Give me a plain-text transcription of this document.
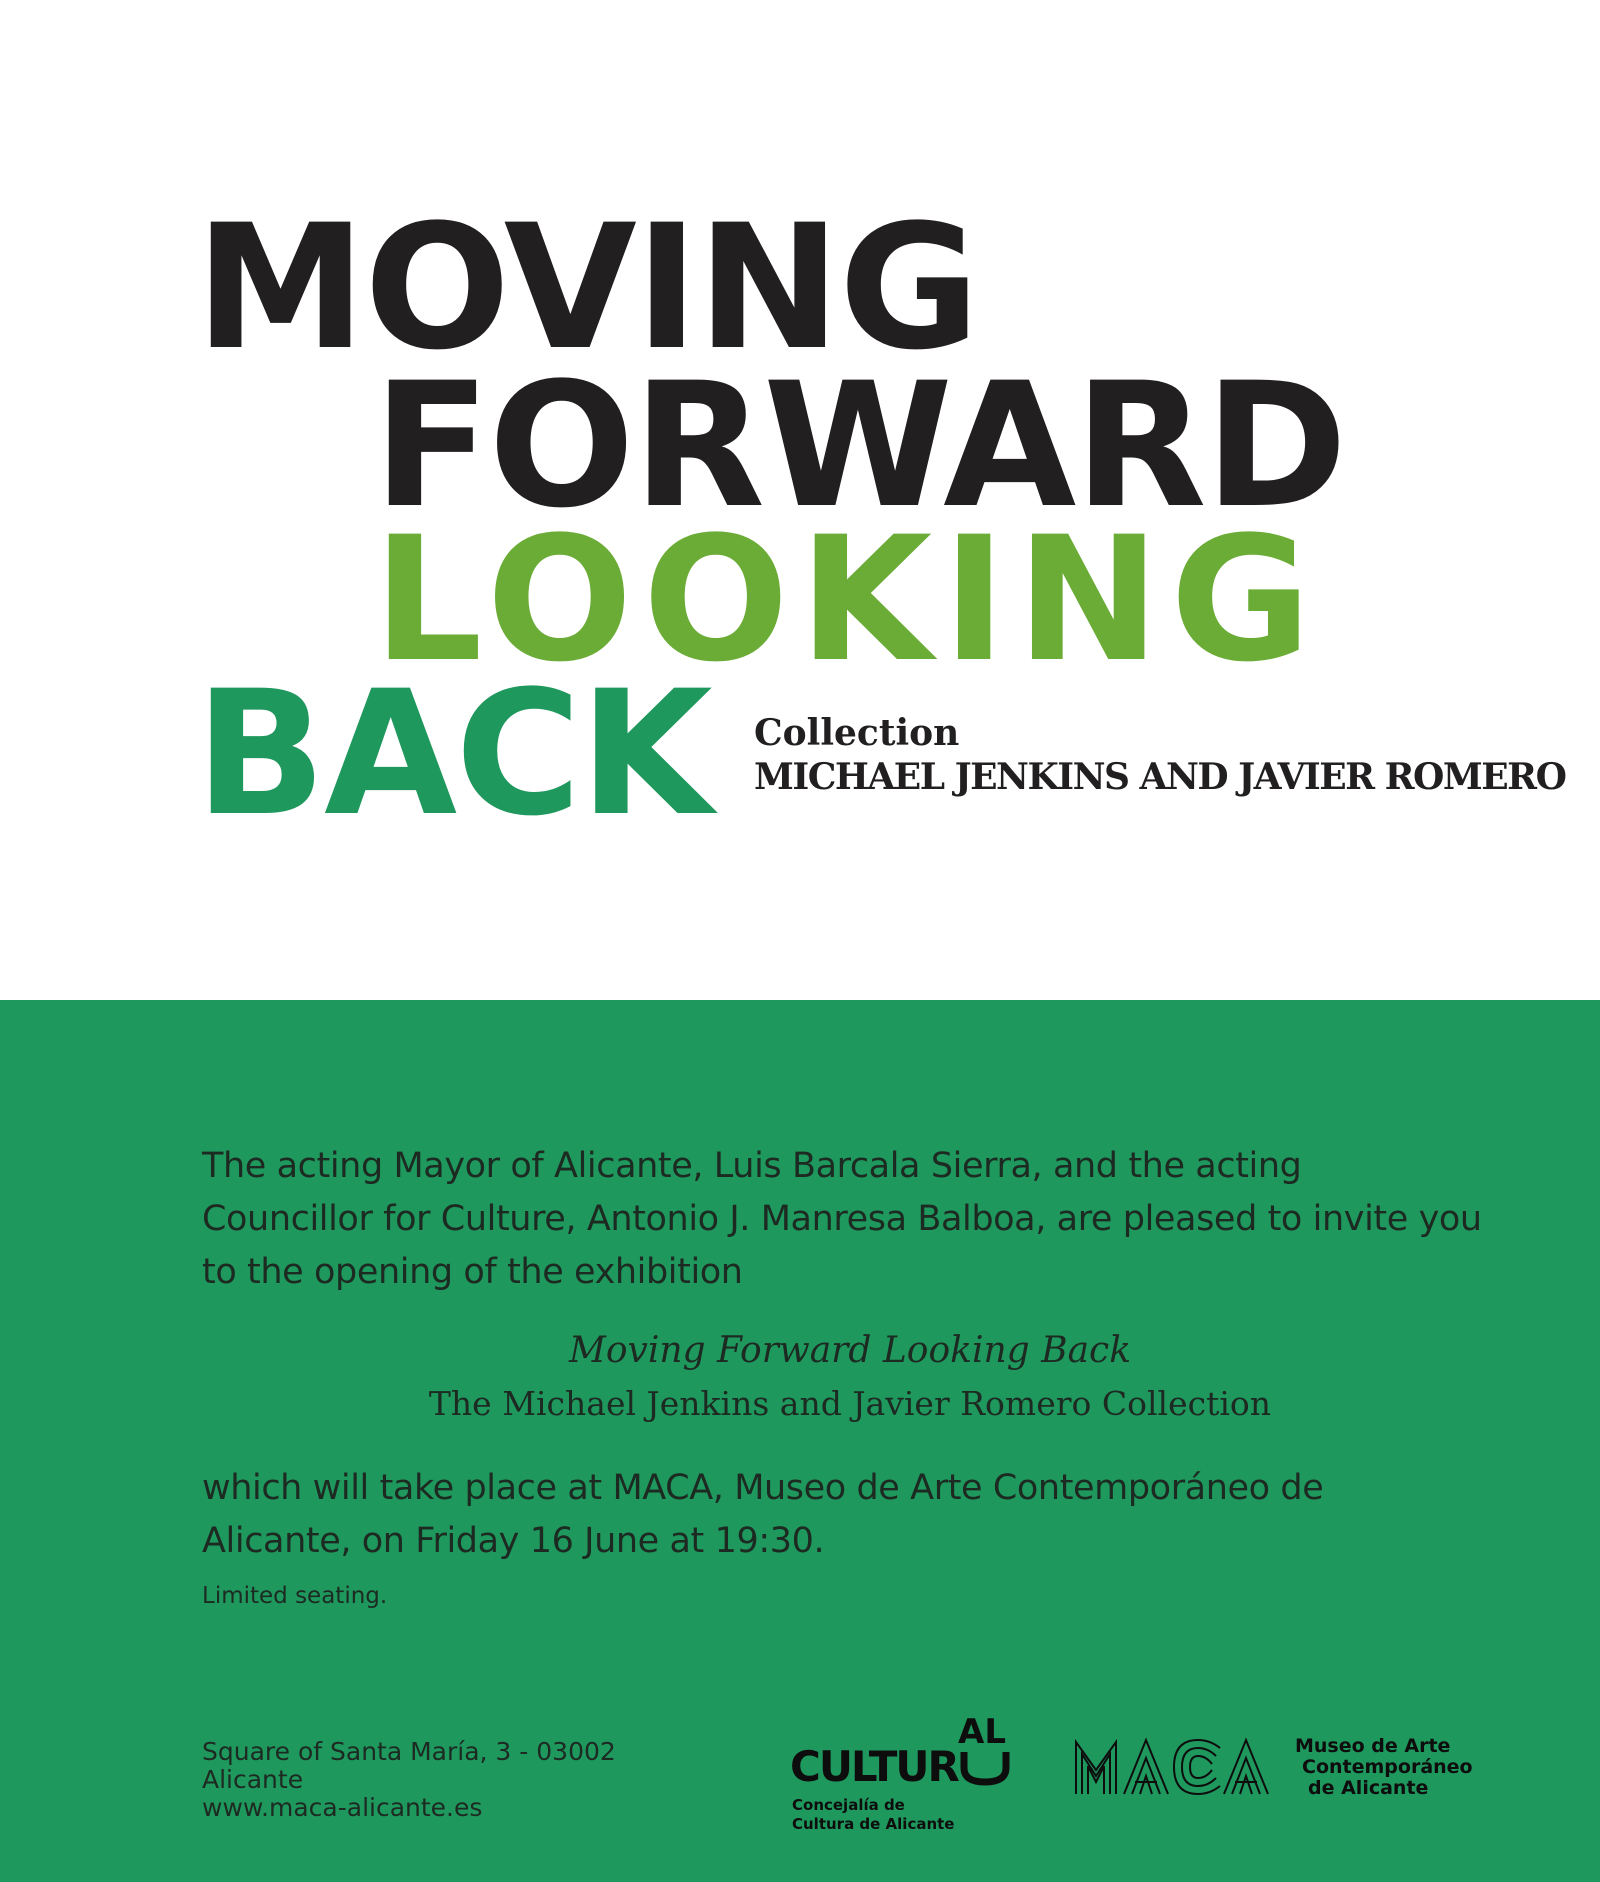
MOVING
FORWARD
LOOKING
BACK Collection

MICHAEL JENKINS AND JAVIER ROMERO

The acting Mayor of Alicante, Luis Barcala Sierra, and the acting Councillor for Culture, Antonio J. Manresa Balboa, are pleased to invite you to the opening of the exhibition

Moving Forward Looking Back

The Michael Jenkins and Javier Romero Collection

which will take place at MACA, Museo de Arte Contemporáneo de Alicante, on Friday 16 June at 19:30.

Limited seating.

Square of Santa María, 3 - 03002

Alicante

www.maca-alicante.es

CULTUR

AL

Concejalía de

Cultura de Alicante

Museo de Arte

Contemporáneo

de Alicante
